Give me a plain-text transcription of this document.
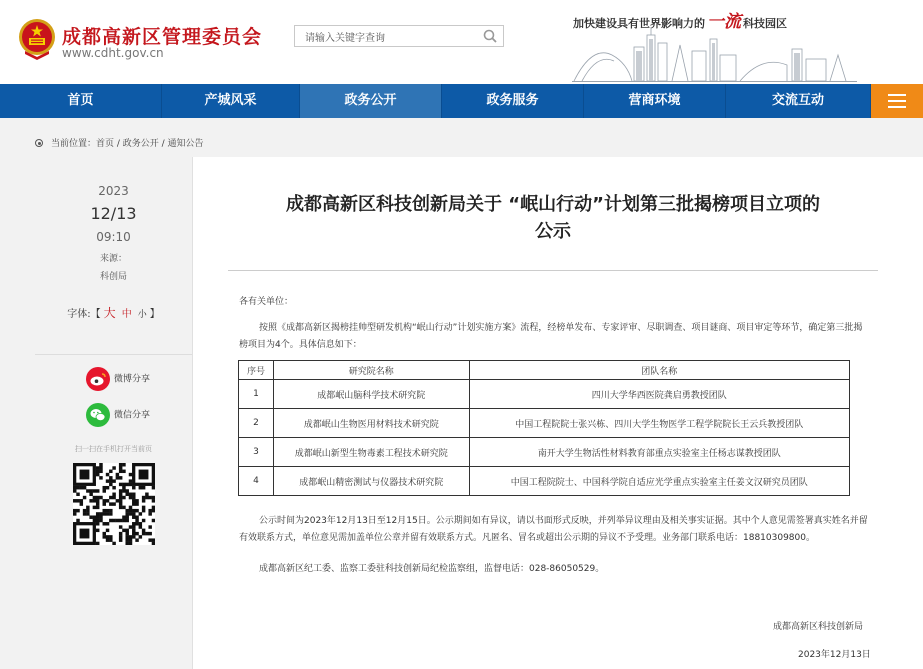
成都高新区管理委员会
www.cdht.gov.cn
请输入关键字查询
加快建设具有世界影响力的 一流 科技园区
首页	产城风采	政务公开	政务服务	营商环境	交流互动
当前位置：首页 / 政务公开 / 通知公告
2023
12/13
09:10
来源：
科创局
字体:【 大 中 小 】
微博分享
微信分享
扫一扫在手机打开当前页
成都高新区科技创新局关于 “岷山行动”计划第三批揭榜项目立项的
公示
各有关单位：
按照《成都高新区揭榜挂帅型研发机构“岷山行动”计划实施方案》流程，经榜单发布、专家评审、尽职调查、项目谜商、项目审定等环节，确定第三批揭榜项目为4个。具体信息如下：
序号	研究院名称	团队名称
1	成都岷山脑科学技术研究院	四川大学华西医院龚启勇教授团队
2	成都岷山生物医用材料技术研究院	中国工程院院士张兴栋、四川大学生物医学工程学院院长王云兵教授团队
3	成都岷山新型生物毒素工程技术研究院	南开大学生物活性材料教育部重点实验室主任杨志谋教授团队
4	成都岷山精密测试与仪器技术研究院	中国工程院院士、中国科学院自适应光学重点实验室主任姜文汉研究员团队
公示时间为2023年12月13日至12月15日。公示期间如有异议，请以书面形式反映，并列举异议理由及相关事实证据。其中个人意见需签署真实姓名并留有效联系方式，单位意见需加盖单位公章并留有效联系方式。凡匿名、冒名或超出公示期的异议不予受理。业务部门联系电话：18810309800。
成都高新区纪工委、监察工委驻科技创新局纪检监察组，监督电话：028-86050529。
成都高新区科技创新局
2023年12月13日
